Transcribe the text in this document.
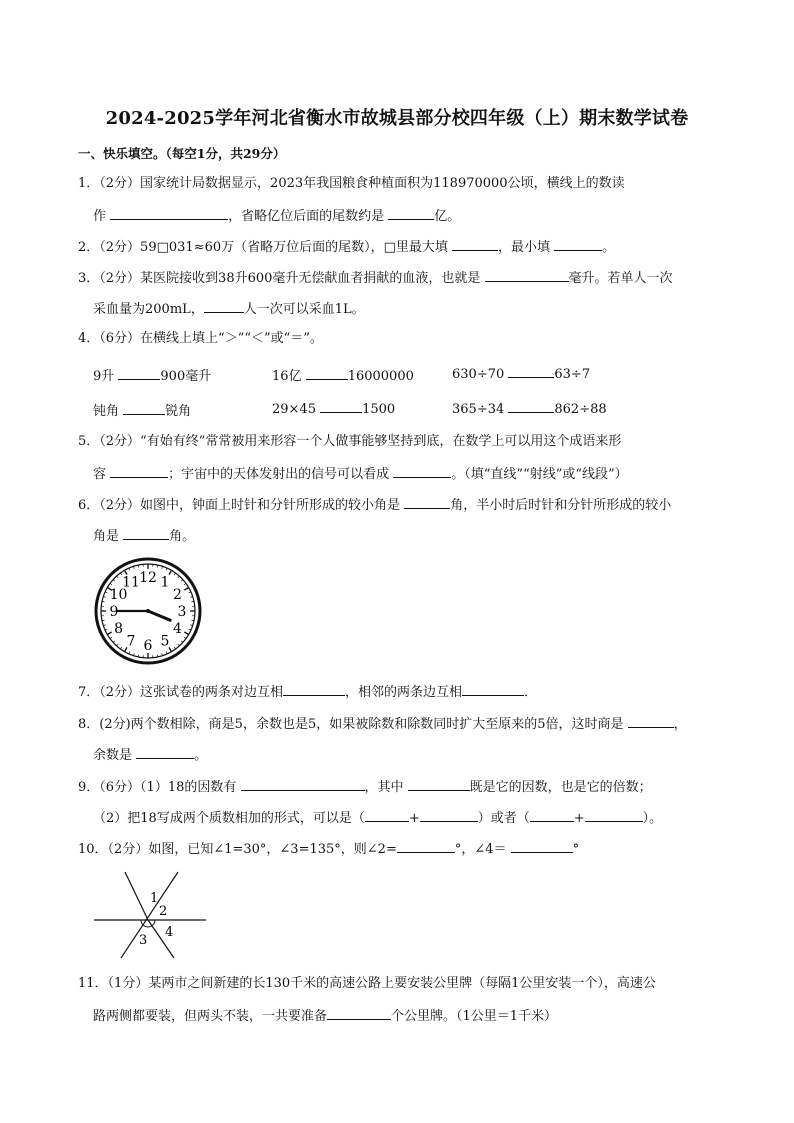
2024-2025学年河北省衡水市故城县部分校四年级（上）期末数学试卷
一、快乐填空。（每空1分，共29分）
1．（2分）国家统计局数据显示，2023年我国粮食种植面积为118970000公顷，横线上的数读
作	，省略亿位后面的尾数约是	亿。
2．（2分）59□031≈60万（省略万位后面的尾数），□里最大填	，最小填	。
3．（2分）某医院接收到38升600毫升无偿献血者捐献的血液，也就是	毫升。若单人一次
采血量为200mL，	人一次可以采血1L。
4．（6分）在横线上填上“＞”“＜”或“＝”。
9升	900毫升	16亿	16000000	630÷70	63÷7
钝角	锐角	29×45	1500	365÷34	862÷88
5．（2分）“有始有终”常常被用来形容一个人做事能够坚持到底，在数学上可以用这个成语来形
容	；宇宙中的天体发射出的信号可以看成	。（填“直线”“射线”或“线段”）
6．（2分）如图中，钟面上时针和分针所形成的较小角是	角，半小时后时针和分针所形成的较小
角是	角。
12 1
2
3
4
5
6
7
8
9
10
11
7．（2分）这张试卷的两条对边互相	，相邻的两条边互相	．
8．(2分)两个数相除，商是5，余数也是5，如果被除数和除数同时扩大至原来的5倍，这时商是	，
余数是	。
9．（6分）（1）18的因数有	，其中	既是它的因数，也是它的倍数；
（2）把18写成两个质数相加的形式，可以是（	+	）或者（	+	）。
10．（2分）如图，已知∠1=30°，∠3=135°，则∠2=	°，∠4＝	°
1
2
3
4
11．（1分）某两市之间新建的长130千米的高速公路上要安装公里牌（每隔1公里安装一个），高速公
路两侧都要装，但两头不装，一共要准备	个公里牌。（1公里＝1千米）
